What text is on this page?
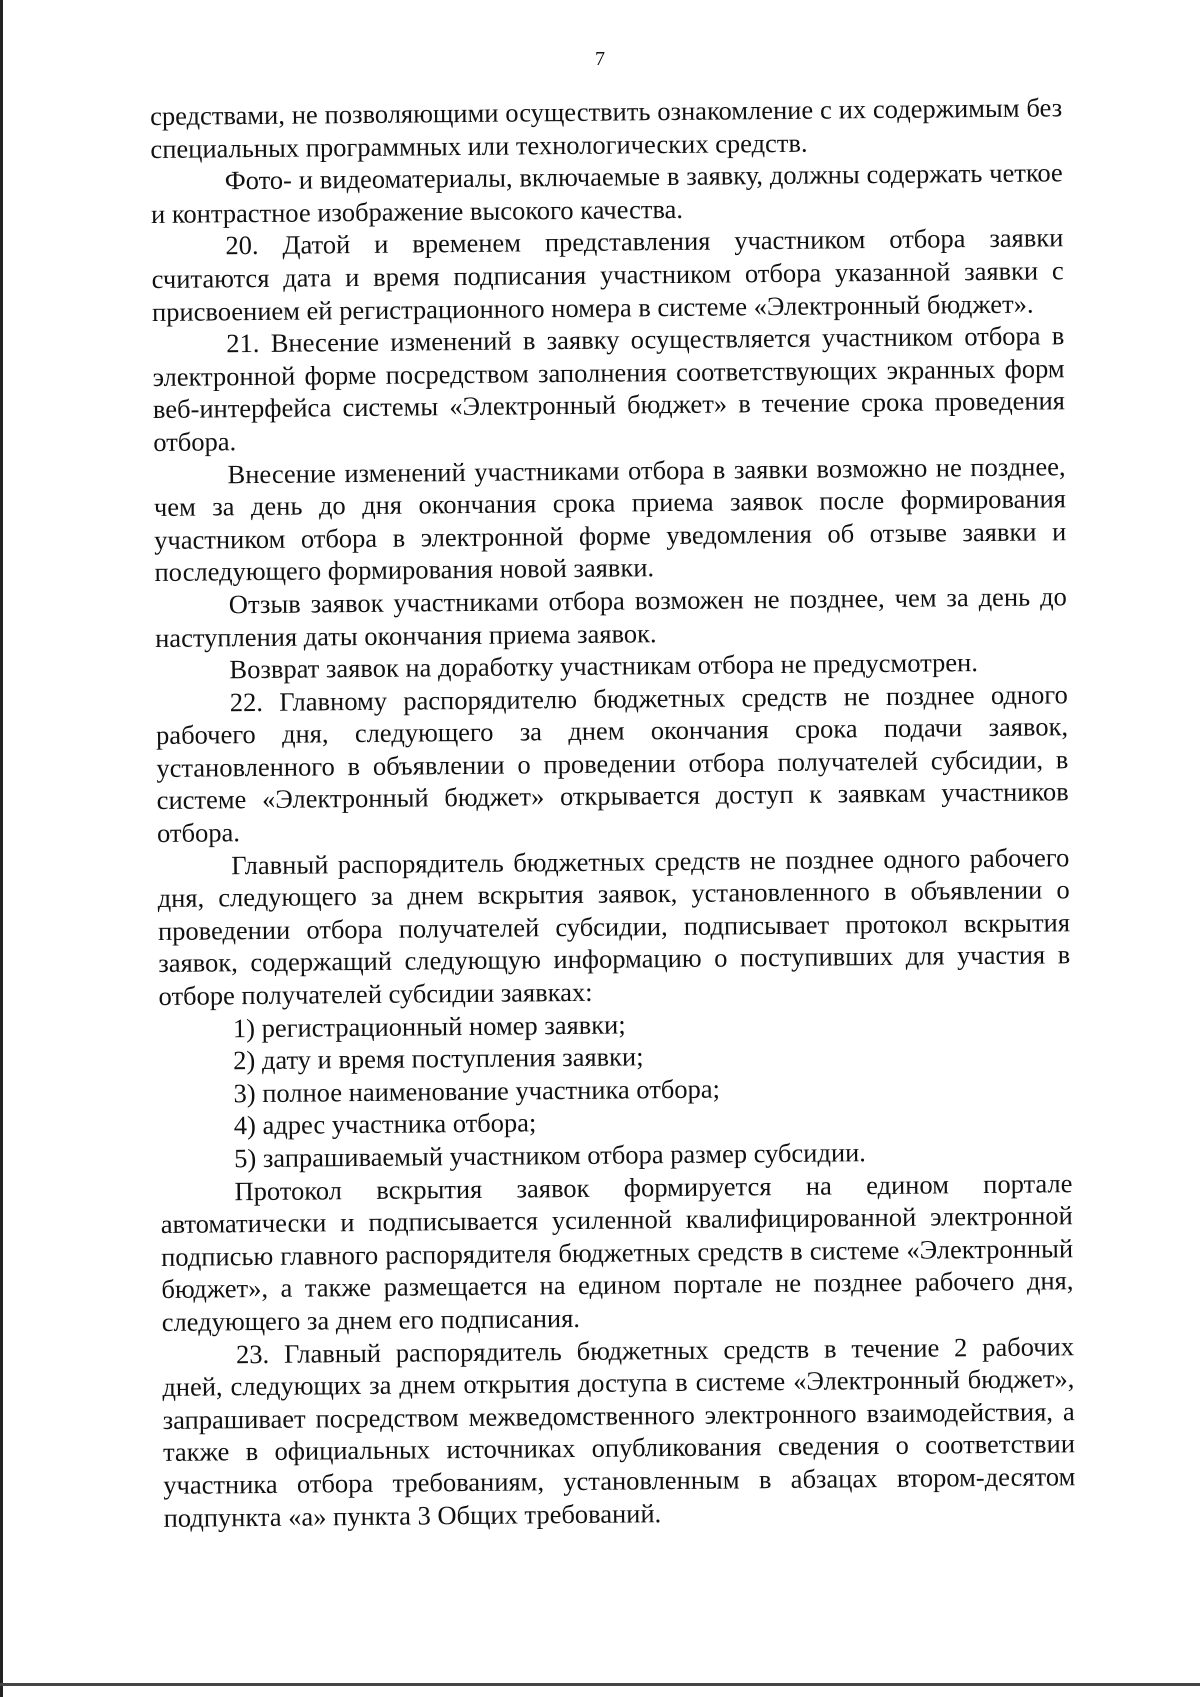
7

средствами, не позволяющими осуществить ознакомление с их содержимым без специальных программных или технологических средств.

Фото- и видеоматериалы, включаемые в заявку, должны содержать четкое и контрастное изображение высокого качества.

20. Датой и временем представления участником отбора заявки считаются дата и время подписания участником отбора указанной заявки с присвоением ей регистрационного номера в системе «Электронный бюджет».

21. Внесение изменений в заявку осуществляется участником отбора в электронной форме посредством заполнения соответствующих экранных форм веб-интерфейса системы «Электронный бюджет» в течение срока проведения отбора.

Внесение изменений участниками отбора в заявки возможно не позднее, чем за день до дня окончания срока приема заявок после формирования участником отбора в электронной форме уведомления об отзыве заявки и последующего формирования новой заявки.

Отзыв заявок участниками отбора возможен не позднее, чем за день до наступления даты окончания приема заявок.

Возврат заявок на доработку участникам отбора не предусмотрен.

22. Главному распорядителю бюджетных средств не позднее одного рабочего дня, следующего за днем окончания срока подачи заявок, установленного в объявлении о проведении отбора получателей субсидии, в системе «Электронный бюджет» открывается доступ к заявкам участников отбора.

Главный распорядитель бюджетных средств не позднее одного рабочего дня, следующего за днем вскрытия заявок, установленного в объявлении о проведении отбора получателей субсидии, подписывает протокол вскрытия заявок, содержащий следующую информацию о поступивших для участия в отборе получателей субсидии заявках:

1) регистрационный номер заявки;

2) дату и время поступления заявки;

3) полное наименование участника отбора;

4) адрес участника отбора;

5) запрашиваемый участником отбора размер субсидии.

Протокол вскрытия заявок формируется на едином портале автоматически и подписывается усиленной квалифицированной электронной подписью главного распорядителя бюджетных средств в системе «Электронный бюджет», а также размещается на едином портале не позднее рабочего дня, следующего за днем его подписания.

23. Главный распорядитель бюджетных средств в течение 2 рабочих дней, следующих за днем открытия доступа в системе «Электронный бюджет», запрашивает посредством межведомственного электронного взаимодействия, а также в официальных источниках опубликования сведения о соответствии участника отбора требованиям, установленным в абзацах втором-десятом подпункта «а» пункта 3 Общих требований.
